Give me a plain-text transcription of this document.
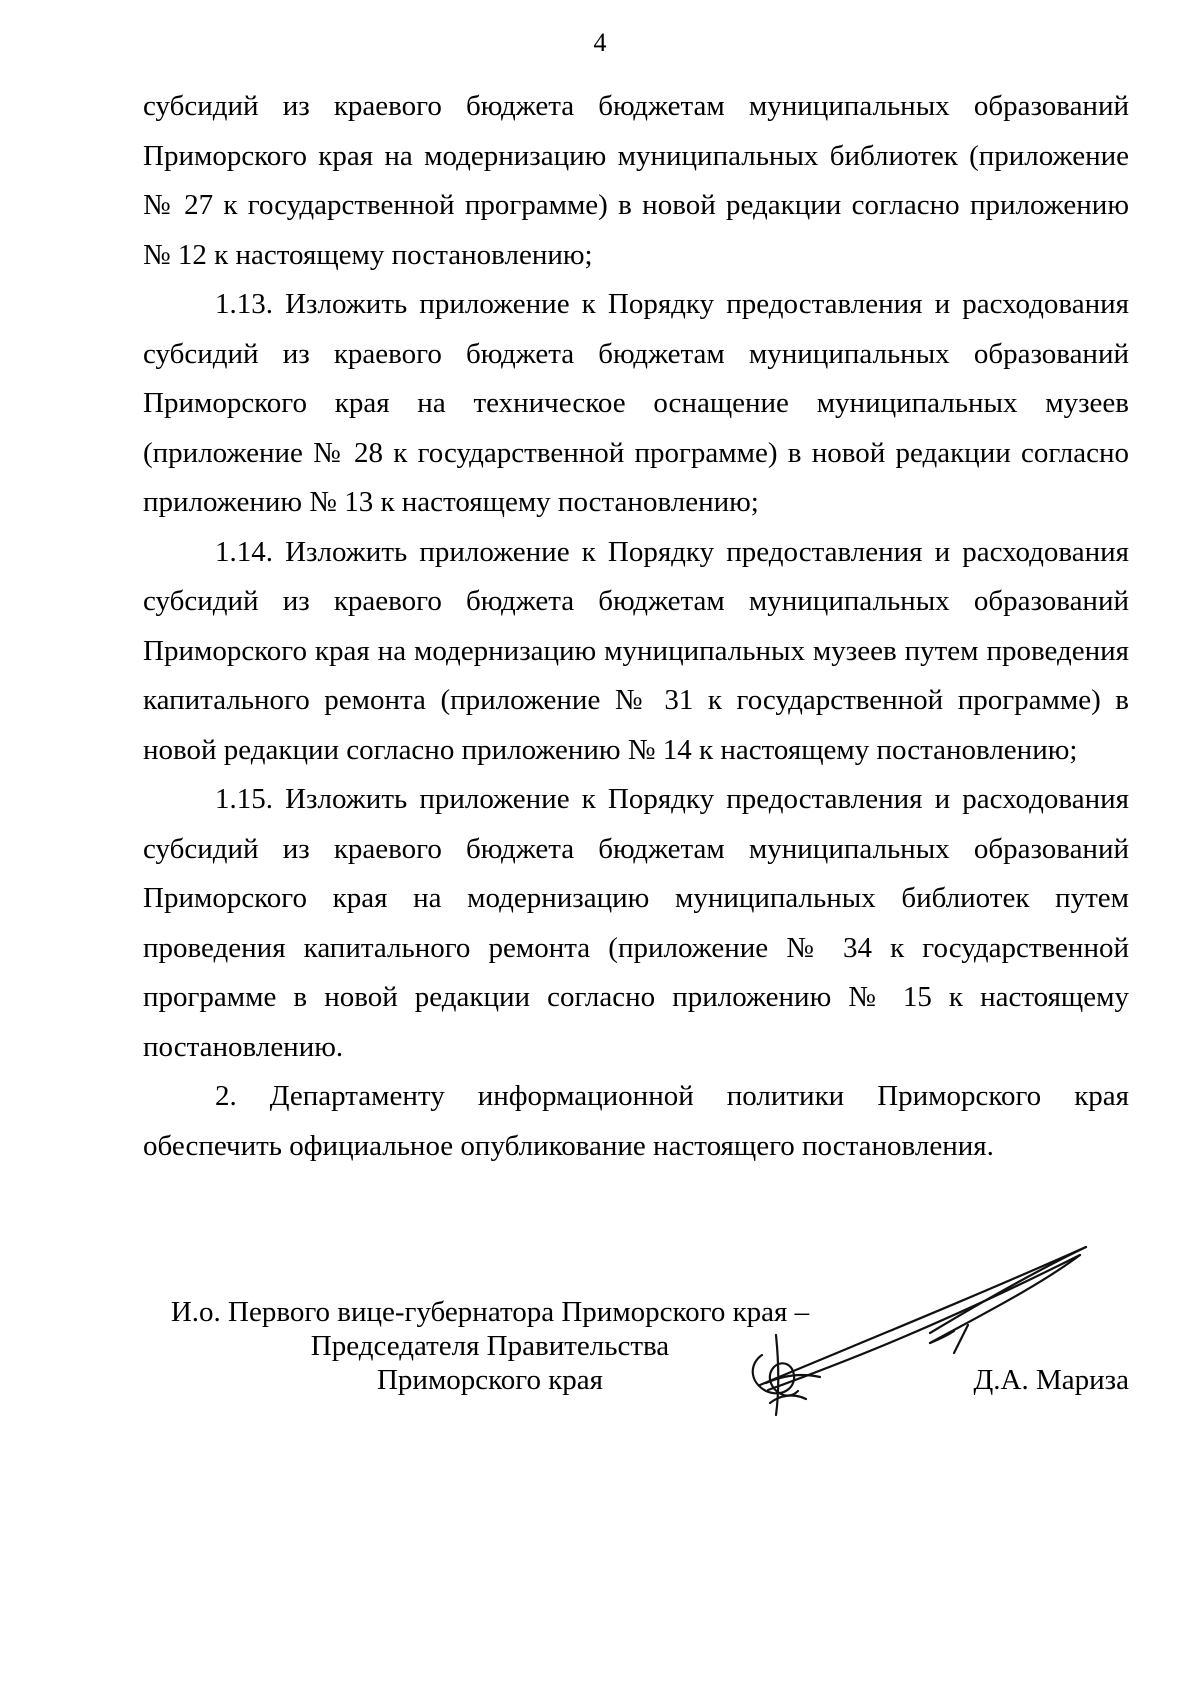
4

субсидий из краевого бюджета бюджетам муниципальных образований Приморского края на модернизацию муниципальных библиотек (приложение № 27 к государственной программе) в новой редакции согласно приложению № 12 к настоящему постановлению;

1.13. Изложить приложение к Порядку предоставления и расходования субсидий из краевого бюджета бюджетам муниципальных образований Приморского края на техническое оснащение муниципальных музеев (приложение № 28 к государственной программе) в новой редакции согласно приложению № 13 к настоящему постановлению;

1.14. Изложить приложение к Порядку предоставления и расходования субсидий из краевого бюджета бюджетам муниципальных образований Приморского края на модернизацию муниципальных музеев путем проведения капитального ремонта (приложение № 31 к государственной программе) в новой редакции согласно приложению № 14 к настоящему постановлению;

1.15. Изложить приложение к Порядку предоставления и расходования субсидий из краевого бюджета бюджетам муниципальных образований Приморского края на модернизацию муниципальных библиотек путем проведения капитального ремонта (приложение № 34 к государственной программе в новой редакции согласно приложению № 15 к настоящему постановлению.

2. Департаменту информационной политики Приморского края обеспечить официальное опубликование настоящего постановления.

И.о. Первого вице-губернатора Приморского края –
Председателя Правительства
Приморского края	Д.А. Мариза
